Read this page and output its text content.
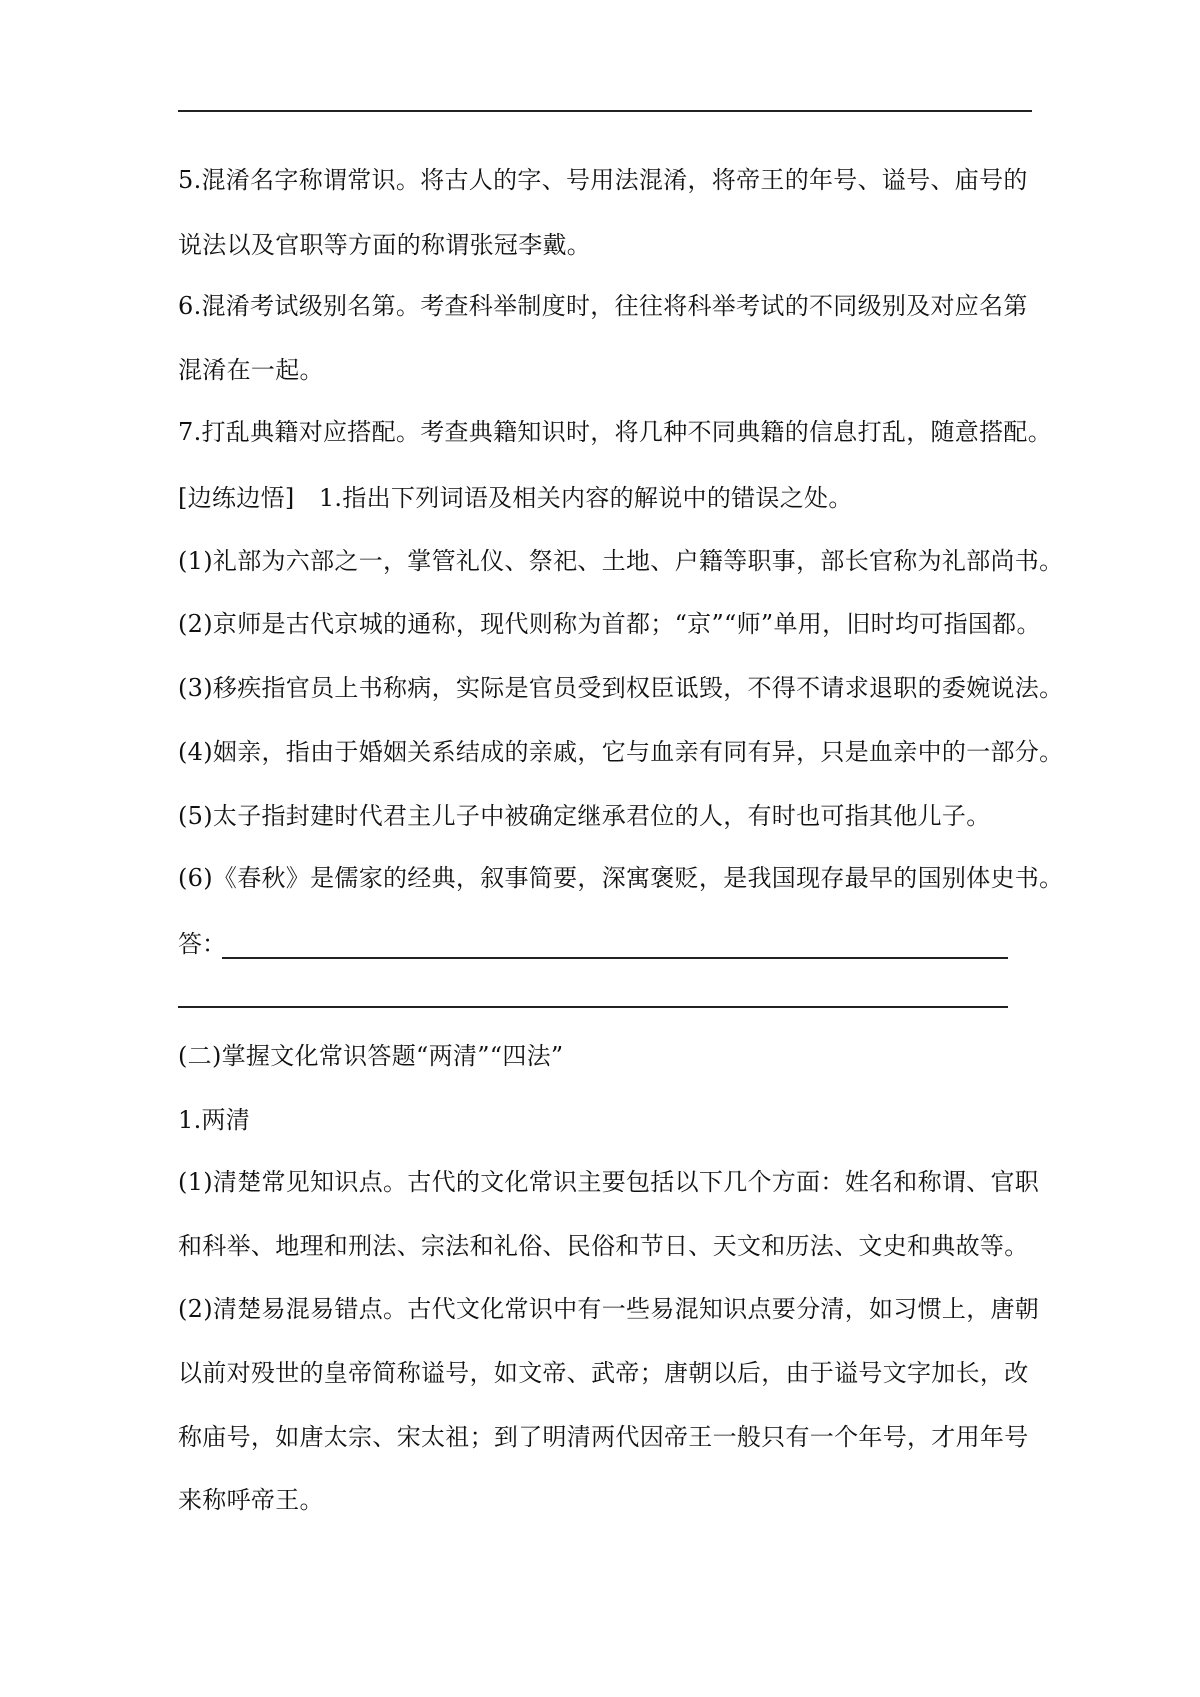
5.混淆名字称谓常识。将古人的字、号用法混淆，将帝王的年号、谥号、庙号的
说法以及官职等方面的称谓张冠李戴。
6.混淆考试级别名第。考查科举制度时，往往将科举考试的不同级别及对应名第
混淆在一起。
7.打乱典籍对应搭配。考查典籍知识时，将几种不同典籍的信息打乱，随意搭配。
[边练边悟]　1.指出下列词语及相关内容的解说中的错误之处。
(1)礼部为六部之一，掌管礼仪、祭祀、土地、户籍等职事，部长官称为礼部尚书。
(2)京师是古代京城的通称，现代则称为首都；“京”“师”单用，旧时均可指国都。
(3)移疾指官员上书称病，实际是官员受到权臣诋毁，不得不请求退职的委婉说法。
(4)姻亲，指由于婚姻关系结成的亲戚，它与血亲有同有异，只是血亲中的一部分。
(5)太子指封建时代君主儿子中被确定继承君位的人，有时也可指其他儿子。
(6)《春秋》是儒家的经典，叙事简要，深寓褒贬，是我国现存最早的国别体史书。
答：
(二)掌握文化常识答题“两清”“四法”
1.两清
(1)清楚常见知识点。古代的文化常识主要包括以下几个方面：姓名和称谓、官职
和科举、地理和刑法、宗法和礼俗、民俗和节日、天文和历法、文史和典故等。
(2)清楚易混易错点。古代文化常识中有一些易混知识点要分清，如习惯上，唐朝
以前对殁世的皇帝简称谥号，如文帝、武帝；唐朝以后，由于谥号文字加长，改
称庙号，如唐太宗、宋太祖；到了明清两代因帝王一般只有一个年号，才用年号
来称呼帝王。
